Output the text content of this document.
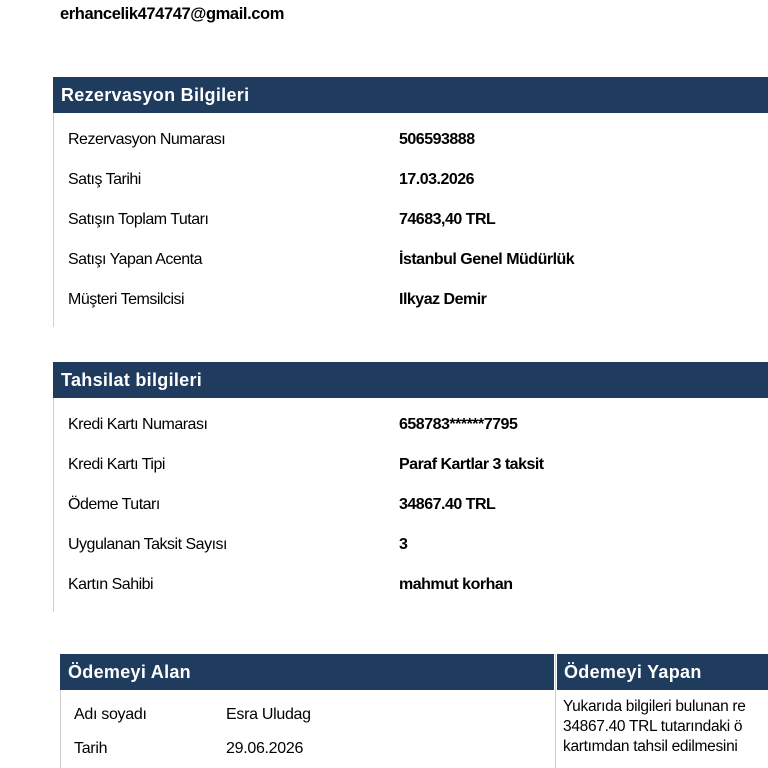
erhancelik474747@gmail.com
Rezervasyon Bilgileri
Rezervasyon Numarası	506593888
Satış Tarihi	17.03.2026
Satışın Toplam Tutarı	74683,40 TRL
Satışı Yapan Acenta	İstanbul Genel Müdürlük
Müşteri Temsilcisi	Ilkyaz Demir
Tahsilat bilgileri
Kredi Kartı Numarası	658783******7795
Kredi Kartı Tipi	Paraf Kartlar 3 taksit
Ödeme Tutarı	34867.40 TRL
Uygulanan Taksit Sayısı	3
Kartın Sahibi	mahmut korhan
Ödemeyi Alan	Ödemeyi Yapan
Adı soyadı	Esra Uludag
Tarih	29.06.2026
Yukarıda bilgileri bulunan re
34867.40 TRL tutarındaki ö
kartımdan tahsil edilmesini
